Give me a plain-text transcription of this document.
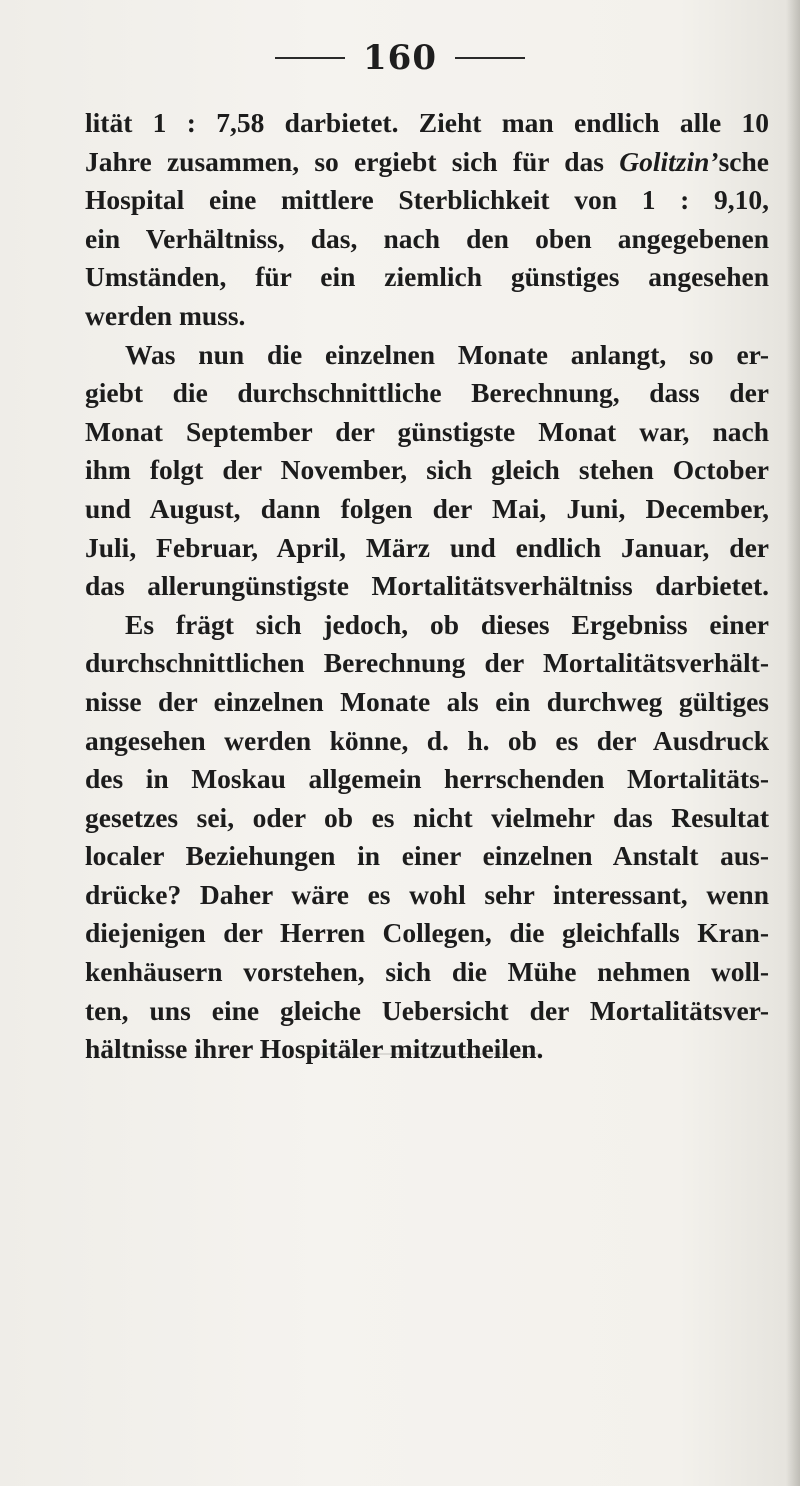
160
lität 1 : 7,58 darbietet. Zieht man endlich alle 10
Jahre zusammen, so ergiebt sich für das Golitzin’sche
Hospital eine mittlere Sterblichkeit von 1 : 9,10,
ein Verhältniss, das, nach den oben angegebenen
Umständen, für ein ziemlich günstiges angesehen
werden muss.
Was nun die einzelnen Monate anlangt, so er-
giebt die durchschnittliche Berechnung, dass der
Monat September der günstigste Monat war, nach
ihm folgt der November, sich gleich stehen October
und August, dann folgen der Mai, Juni, December,
Juli, Februar, April, März und endlich Januar, der
das allerungünstigste Mortalitätsverhältniss darbietet.
Es frägt sich jedoch, ob dieses Ergebniss einer
durchschnittlichen Berechnung der Mortalitätsverhält-
nisse der einzelnen Monate als ein durchweg gültiges
angesehen werden könne, d. h. ob es der Ausdruck
des in Moskau allgemein herrschenden Mortalitäts-
gesetzes sei, oder ob es nicht vielmehr das Resultat
localer Beziehungen in einer einzelnen Anstalt aus-
drücke? Daher wäre es wohl sehr interessant, wenn
diejenigen der Herren Collegen, die gleichfalls Kran-
kenhäusern vorstehen, sich die Mühe nehmen woll-
ten, uns eine gleiche Uebersicht der Mortalitätsver-
hältnisse ihrer Hospitäler mitzutheilen.
